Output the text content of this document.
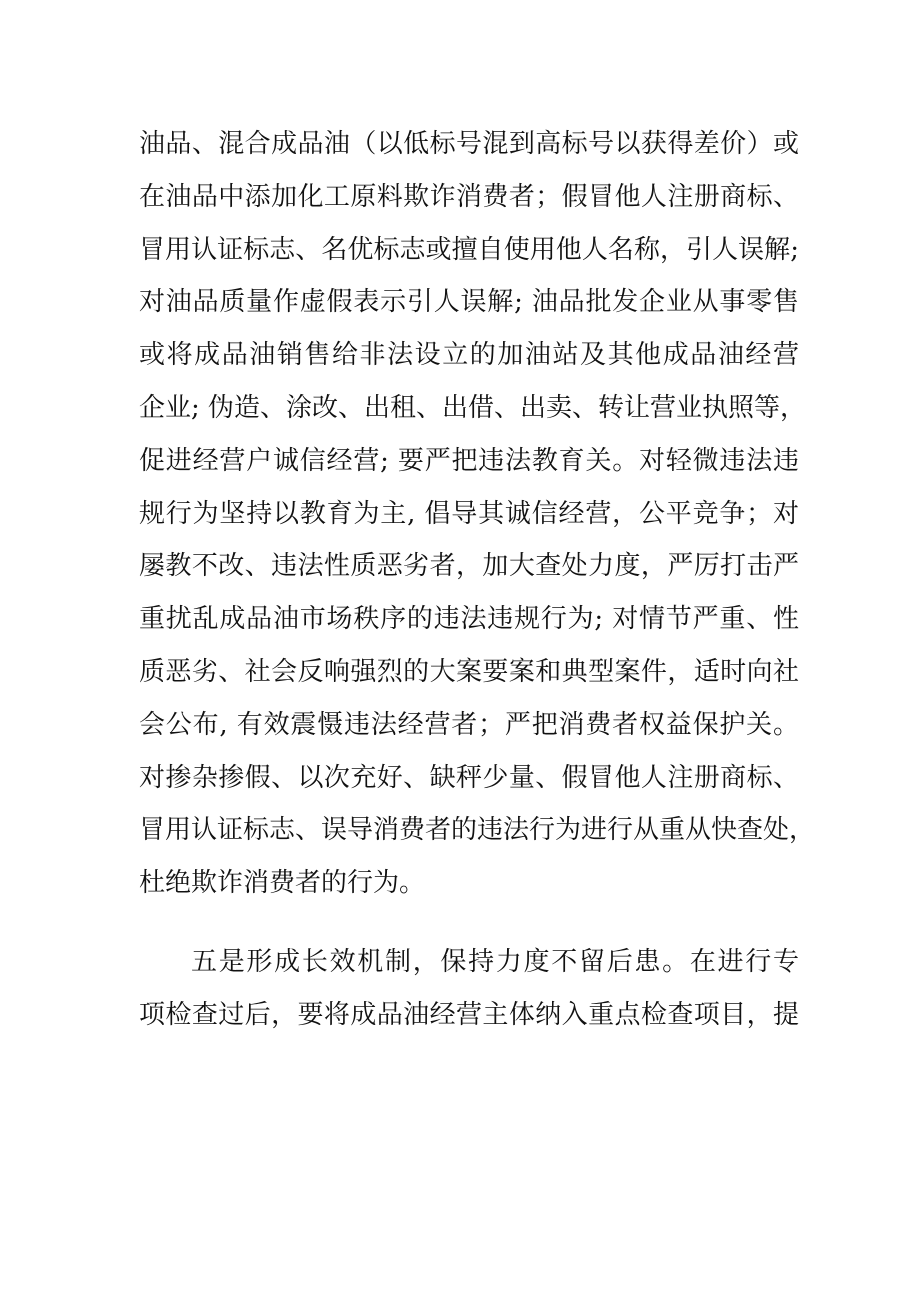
油品、混合成品油（以低标号混到高标号以获得差价）或
在油品中添加化工原料欺诈消费者；假冒他人注册商标、
冒用认证标志、名优标志或擅自使用他人名称，引人误解;
对油品质量作虚假表示引人误解; 油品批发企业从事零售
或将成品油销售给非法设立的加油站及其他成品油经营
企业; 伪造、涂改、出租、出借、出卖、转让营业执照等，
促进经营户诚信经营; 要严把违法教育关。对轻微违法违
规行为坚持以教育为主, 倡导其诚信经营，公平竞争；对
屡教不改、违法性质恶劣者，加大查处力度，严厉打击严
重扰乱成品油市场秩序的违法违规行为; 对情节严重、性
质恶劣、社会反响强烈的大案要案和典型案件，适时向社
会公布, 有效震慑违法经营者；严把消费者权益保护关。
对掺杂掺假、以次充好、缺秤少量、假冒他人注册商标、
冒用认证标志、误导消费者的违法行为进行从重从快查处，
杜绝欺诈消费者的行为。
五是形成长效机制，保持力度不留后患。在进行专
项检查过后，要将成品油经营主体纳入重点检查项目，提
